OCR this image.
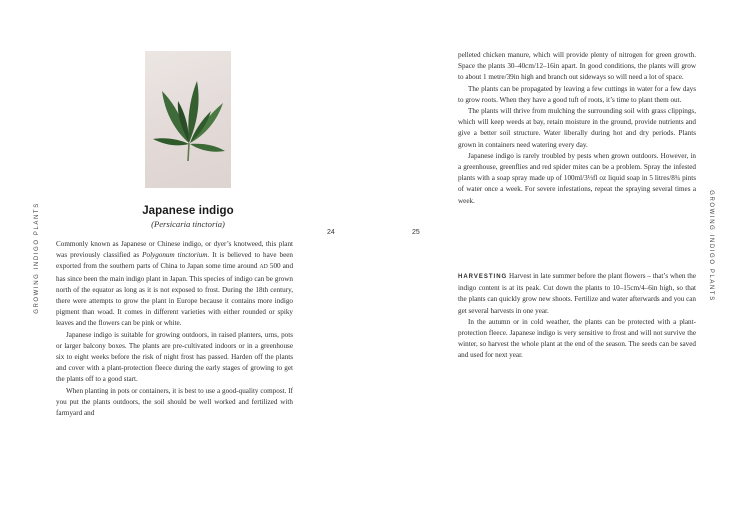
GROWING INDIGO PLANTS	Japanese indigo
(Persicaria tinctoria)

Commonly known as Japanese or Chinese indigo, or dyer’s knotweed, this plant was previously classified as Polygonum tinctorium. It is believed to have been exported from the southern parts of China to Japan some time around AD 500 and has since been the main indigo plant in Japan. This species of indigo can be grown north of the equator as long as it is not exposed to frost. During the 18th century, there were attempts to grow the plant in Europe because it contains more indigo pigment than woad. It comes in different varieties with either rounded or spiky leaves and the flowers can be pink or white.

Japanese indigo is suitable for growing outdoors, in raised planters, urns, pots or larger balcony boxes. The plants are pre-cultivated indoors or in a greenhouse six to eight weeks before the risk of night frost has passed. Harden off the plants and cover with a plant-protection fleece during the early stages of growing to get the plants off to a good start.

When planting in pots or containers, it is best to use a good-quality compost. If you put the plants outdoors, the soil should be well worked and fertilized with farmyard and

24	25

pelleted chicken manure, which will provide plenty of nitrogen for green growth. Space the plants 30–40cm/12–16in apart. In good conditions, the plants will grow to about 1 metre/39in high and branch out sideways so will need a lot of space.

The plants can be propagated by leaving a few cuttings in water for a few days to grow roots. When they have a good tuft of roots, it’s time to plant them out.

The plants will thrive from mulching the surrounding soil with grass clippings, which will keep weeds at bay, retain moisture in the ground, provide nutrients and give a better soil structure. Water liberally during hot and dry periods. Plants grown in containers need watering every day.

Japanese indigo is rarely troubled by pests when grown outdoors. However, in a greenhouse, greenflies and red spider mites can be a problem. Spray the infested plants with a soap spray made up of 100ml/3⅓fl oz liquid soap in 5 litres/8¾ pints of water once a week. For severe infestations, repeat the spraying several times a week.

HARVESTING Harvest in late summer before the plant flowers – that’s when the indigo content is at its peak. Cut down the plants to 10–15cm/4–6in high, so that the plants can quickly grow new shoots. Fertilize and water afterwards and you can get several harvests in one year.

In the autumn or in cold weather, the plants can be protected with a plant-protection fleece. Japanese indigo is very sensitive to frost and will not survive the winter, so harvest the whole plant at the end of the season. The seeds can be saved and used for next year.

GROWING INDIGO PLANTS
